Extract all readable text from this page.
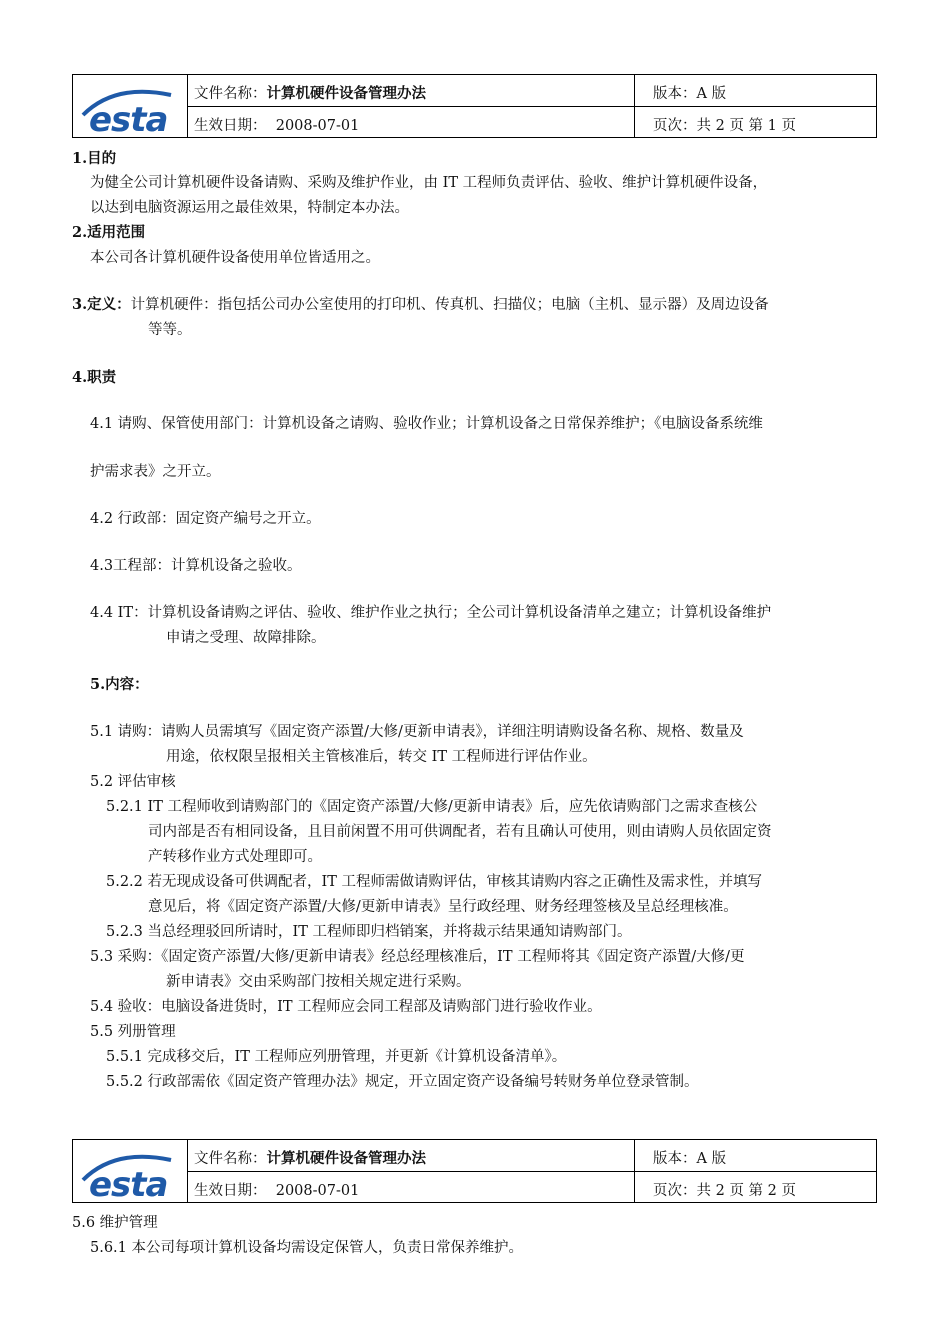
esta
文件名称：计算机硬件设备管理办法	版本：A 版
生效日期： 2008-07-01	页次：共 2 页 第 1 页
1.目的
为健全公司计算机硬件设备请购、采购及维护作业，由 IT 工程师负责评估、验收、维护计算机硬件设备，
以达到电脑资源运用之最佳效果，特制定本办法。
2.适用范围
本公司各计算机硬件设备使用单位皆适用之。
3.定义：计算机硬件：指包括公司办公室使用的打印机、传真机、扫描仪；电脑（主机、显示器）及周边设备
等等。
4.职责
4.1 请购、保管使用部门：计算机设备之请购、验收作业；计算机设备之日常保养维护；《电脑设备系统维
护需求表》之开立。
4.2 行政部：固定资产编号之开立。
4.3工程部：计算机设备之验收。
4.4 IT：计算机设备请购之评估、验收、维护作业之执行；全公司计算机设备清单之建立；计算机设备维护
申请之受理、故障排除。
5.内容：
5.1 请购：请购人员需填写《固定资产添置/大修/更新申请表》，详细注明请购设备名称、规格、数量及
用途，依权限呈报相关主管核准后，转交 IT 工程师进行评估作业。
5.2 评估审核
5.2.1 IT 工程师收到请购部门的《固定资产添置/大修/更新申请表》后，应先依请购部门之需求查核公
司内部是否有相同设备，且目前闲置不用可供调配者，若有且确认可使用，则由请购人员依固定资
产转移作业方式处理即可。
5.2.2 若无现成设备可供调配者，IT 工程师需做请购评估，审核其请购内容之正确性及需求性，并填写
意见后，将《固定资产添置/大修/更新申请表》呈行政经理、财务经理签核及呈总经理核准。
5.2.3 当总经理驳回所请时，IT 工程师即归档销案，并将裁示结果通知请购部门。
5.3 采购：《固定资产添置/大修/更新申请表》经总经理核准后，IT 工程师将其《固定资产添置/大修/更
新申请表》交由采购部门按相关规定进行采购。
5.4 验收：电脑设备进货时，IT 工程师应会同工程部及请购部门进行验收作业。
5.5 列册管理
5.5.1 完成移交后，IT 工程师应列册管理，并更新《计算机设备清单》。
5.5.2 行政部需依《固定资产管理办法》规定，开立固定资产设备编号转财务单位登录管制。
esta
文件名称：计算机硬件设备管理办法	版本：A 版
生效日期： 2008-07-01	页次：共 2 页 第 2 页
5.6 维护管理
5.6.1 本公司每项计算机设备均需设定保管人，负责日常保养维护。
